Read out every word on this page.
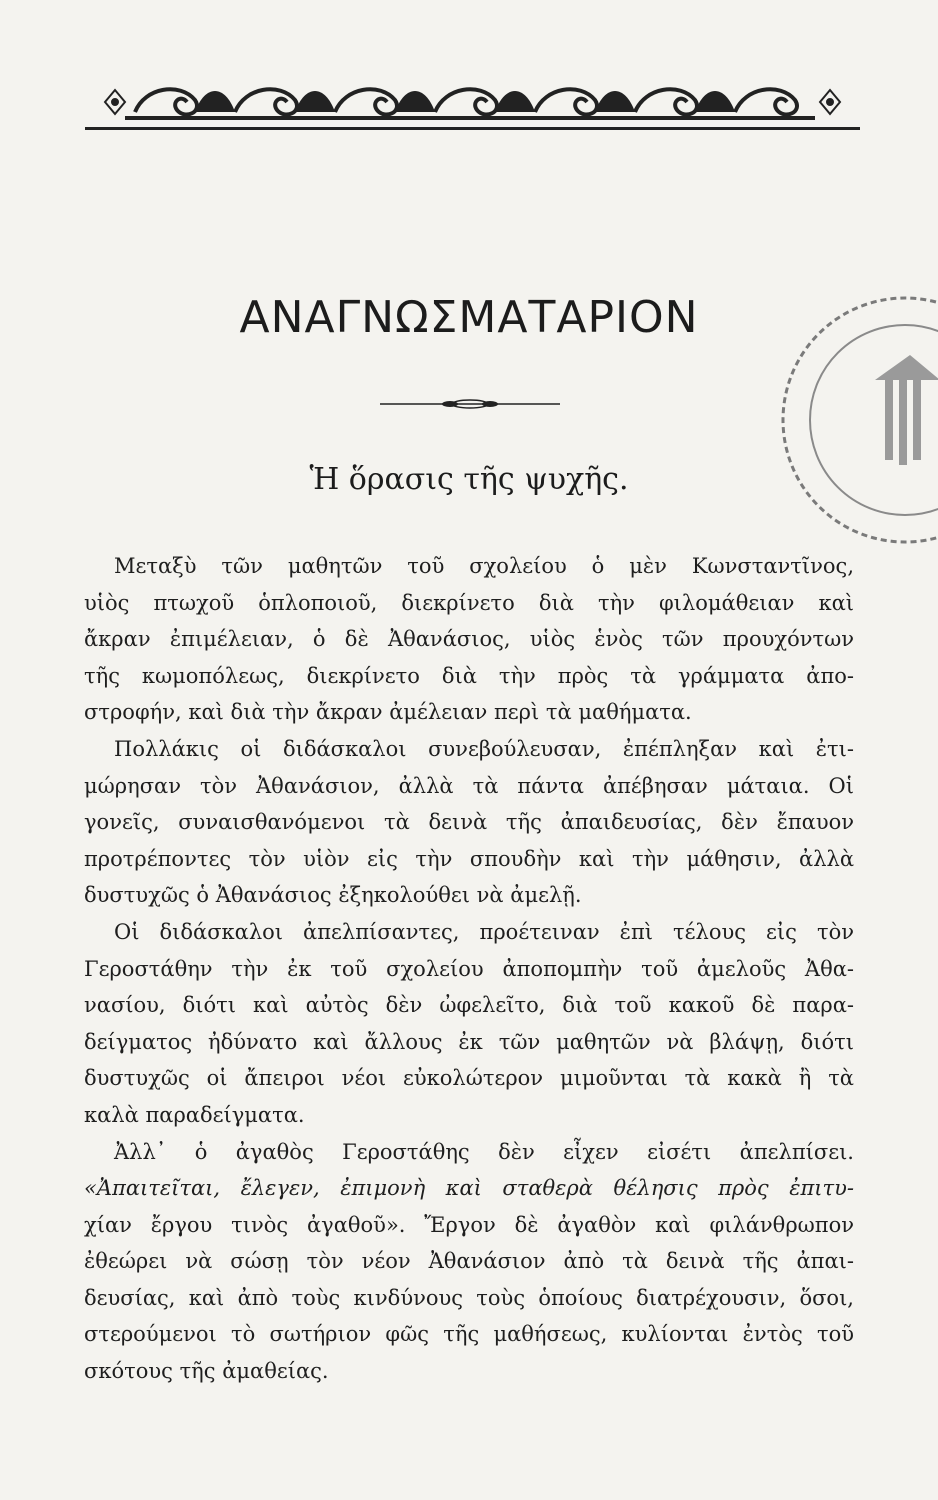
ΑΝΑΓΝΩΣΜΑΤΑΡΙΟΝ
Ἡ ὅρασις τῆς ψυχῆς.
Μεταξὺ τῶν μαθητῶν τοῦ σχολείου ὁ μὲν Κωνσταντῖνος,
υἱὸς πτωχοῦ ὁπλοποιοῦ, διεκρίνετο διὰ τὴν φιλομάθειαν καὶ
ἄκραν ἐπιμέλειαν, ὁ δὲ Ἀθανάσιος, υἱὸς ἑνὸς τῶν προυχόντων
τῆς κωμοπόλεως, διεκρίνετο διὰ τὴν πρὸς τὰ γράμματα ἀπο-
στροφήν, καὶ διὰ τὴν ἄκραν ἀμέλειαν περὶ τὰ μαθήματα.
Πολλάκις οἱ διδάσκαλοι συνεβούλευσαν, ἐπέπληξαν καὶ ἐτι-
μώρησαν τὸν Ἀθανάσιον, ἀλλὰ τὰ πάντα ἀπέβησαν μάταια. Οἱ
γονεῖς, συναισθανόμενοι τὰ δεινὰ τῆς ἀπαιδευσίας, δὲν ἔπαυον
προτρέποντες τὸν υἱὸν εἰς τὴν σπουδὴν καὶ τὴν μάθησιν, ἀλλὰ
δυστυχῶς ὁ Ἀθανάσιος ἐξηκολούθει νὰ ἀμελῇ.
Οἱ διδάσκαλοι ἀπελπίσαντες, προέτειναν ἐπὶ τέλους εἰς τὸν
Γεροστάθην τὴν ἐκ τοῦ σχολείου ἀποπομπὴν τοῦ ἀμελοῦς Ἀθα-
νασίου, διότι καὶ αὐτὸς δὲν ὠφελεῖτο, διὰ τοῦ κακοῦ δὲ παρα-
δείγματος ἠδύνατο καὶ ἄλλους ἐκ τῶν μαθητῶν νὰ βλάψῃ, διότι
δυστυχῶς οἱ ἄπειροι νέοι εὐκολώτερον μιμοῦνται τὰ κακὰ ἢ τὰ
καλὰ παραδείγματα.
Ἀλλ᾽ ὁ ἀγαθὸς Γεροστάθης δὲν εἶχεν εἰσέτι ἀπελπίσει.
«Ἀπαιτεῖται, ἔλεγεν, ἐπιμονὴ καὶ σταθερὰ θέλησις πρὸς ἐπιτυ-
χίαν ἔργου τινὸς ἀγαθοῦ». Ἔργον δὲ ἀγαθὸν καὶ φιλάνθρωπον
ἐθεώρει νὰ σώσῃ τὸν νέον Ἀθανάσιον ἀπὸ τὰ δεινὰ τῆς ἀπαι-
δευσίας, καὶ ἀπὸ τοὺς κινδύνους τοὺς ὁποίους διατρέχουσιν, ὅσοι,
στερούμενοι τὸ σωτήριον φῶς τῆς μαθήσεως, κυλίονται ἐντὸς τοῦ
σκότους τῆς ἀμαθείας.
